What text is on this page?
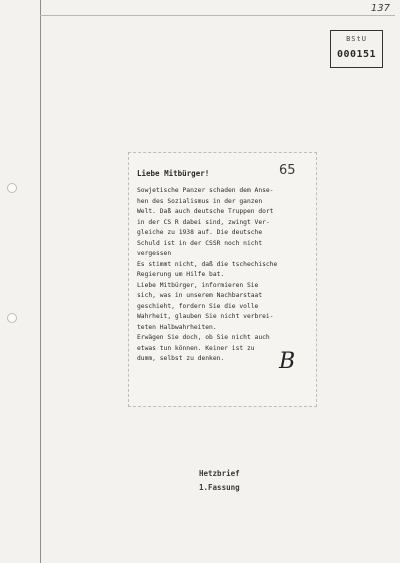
137
BStU
000151
Liebe Mitbürger!	65
Sowjetische Panzer schaden dem Anse-
hen des Sozialismus in der ganzen
Welt. Daß auch deutsche Truppen dort
in der CS R dabei sind, zwingt Ver-
gleiche zu 1938 auf. Die deutsche
Schuld ist in der CSSR noch nicht
vergessen
Es stimmt nicht, daß die tschechische
Regierung um Hilfe bat.
Liebe Mitbürger, informieren Sie
sich, was in unserem Nachbarstaat
geschieht, fordern Sie die volle
Wahrheit, glauben Sie nicht verbrei-
teten Halbwahrheiten.
Erwägen Sie doch, ob Sie nicht auch
etwas tun können. Keiner ist zu
dumm, selbst zu denken.	B
Hetzbrief
1.Fassung
